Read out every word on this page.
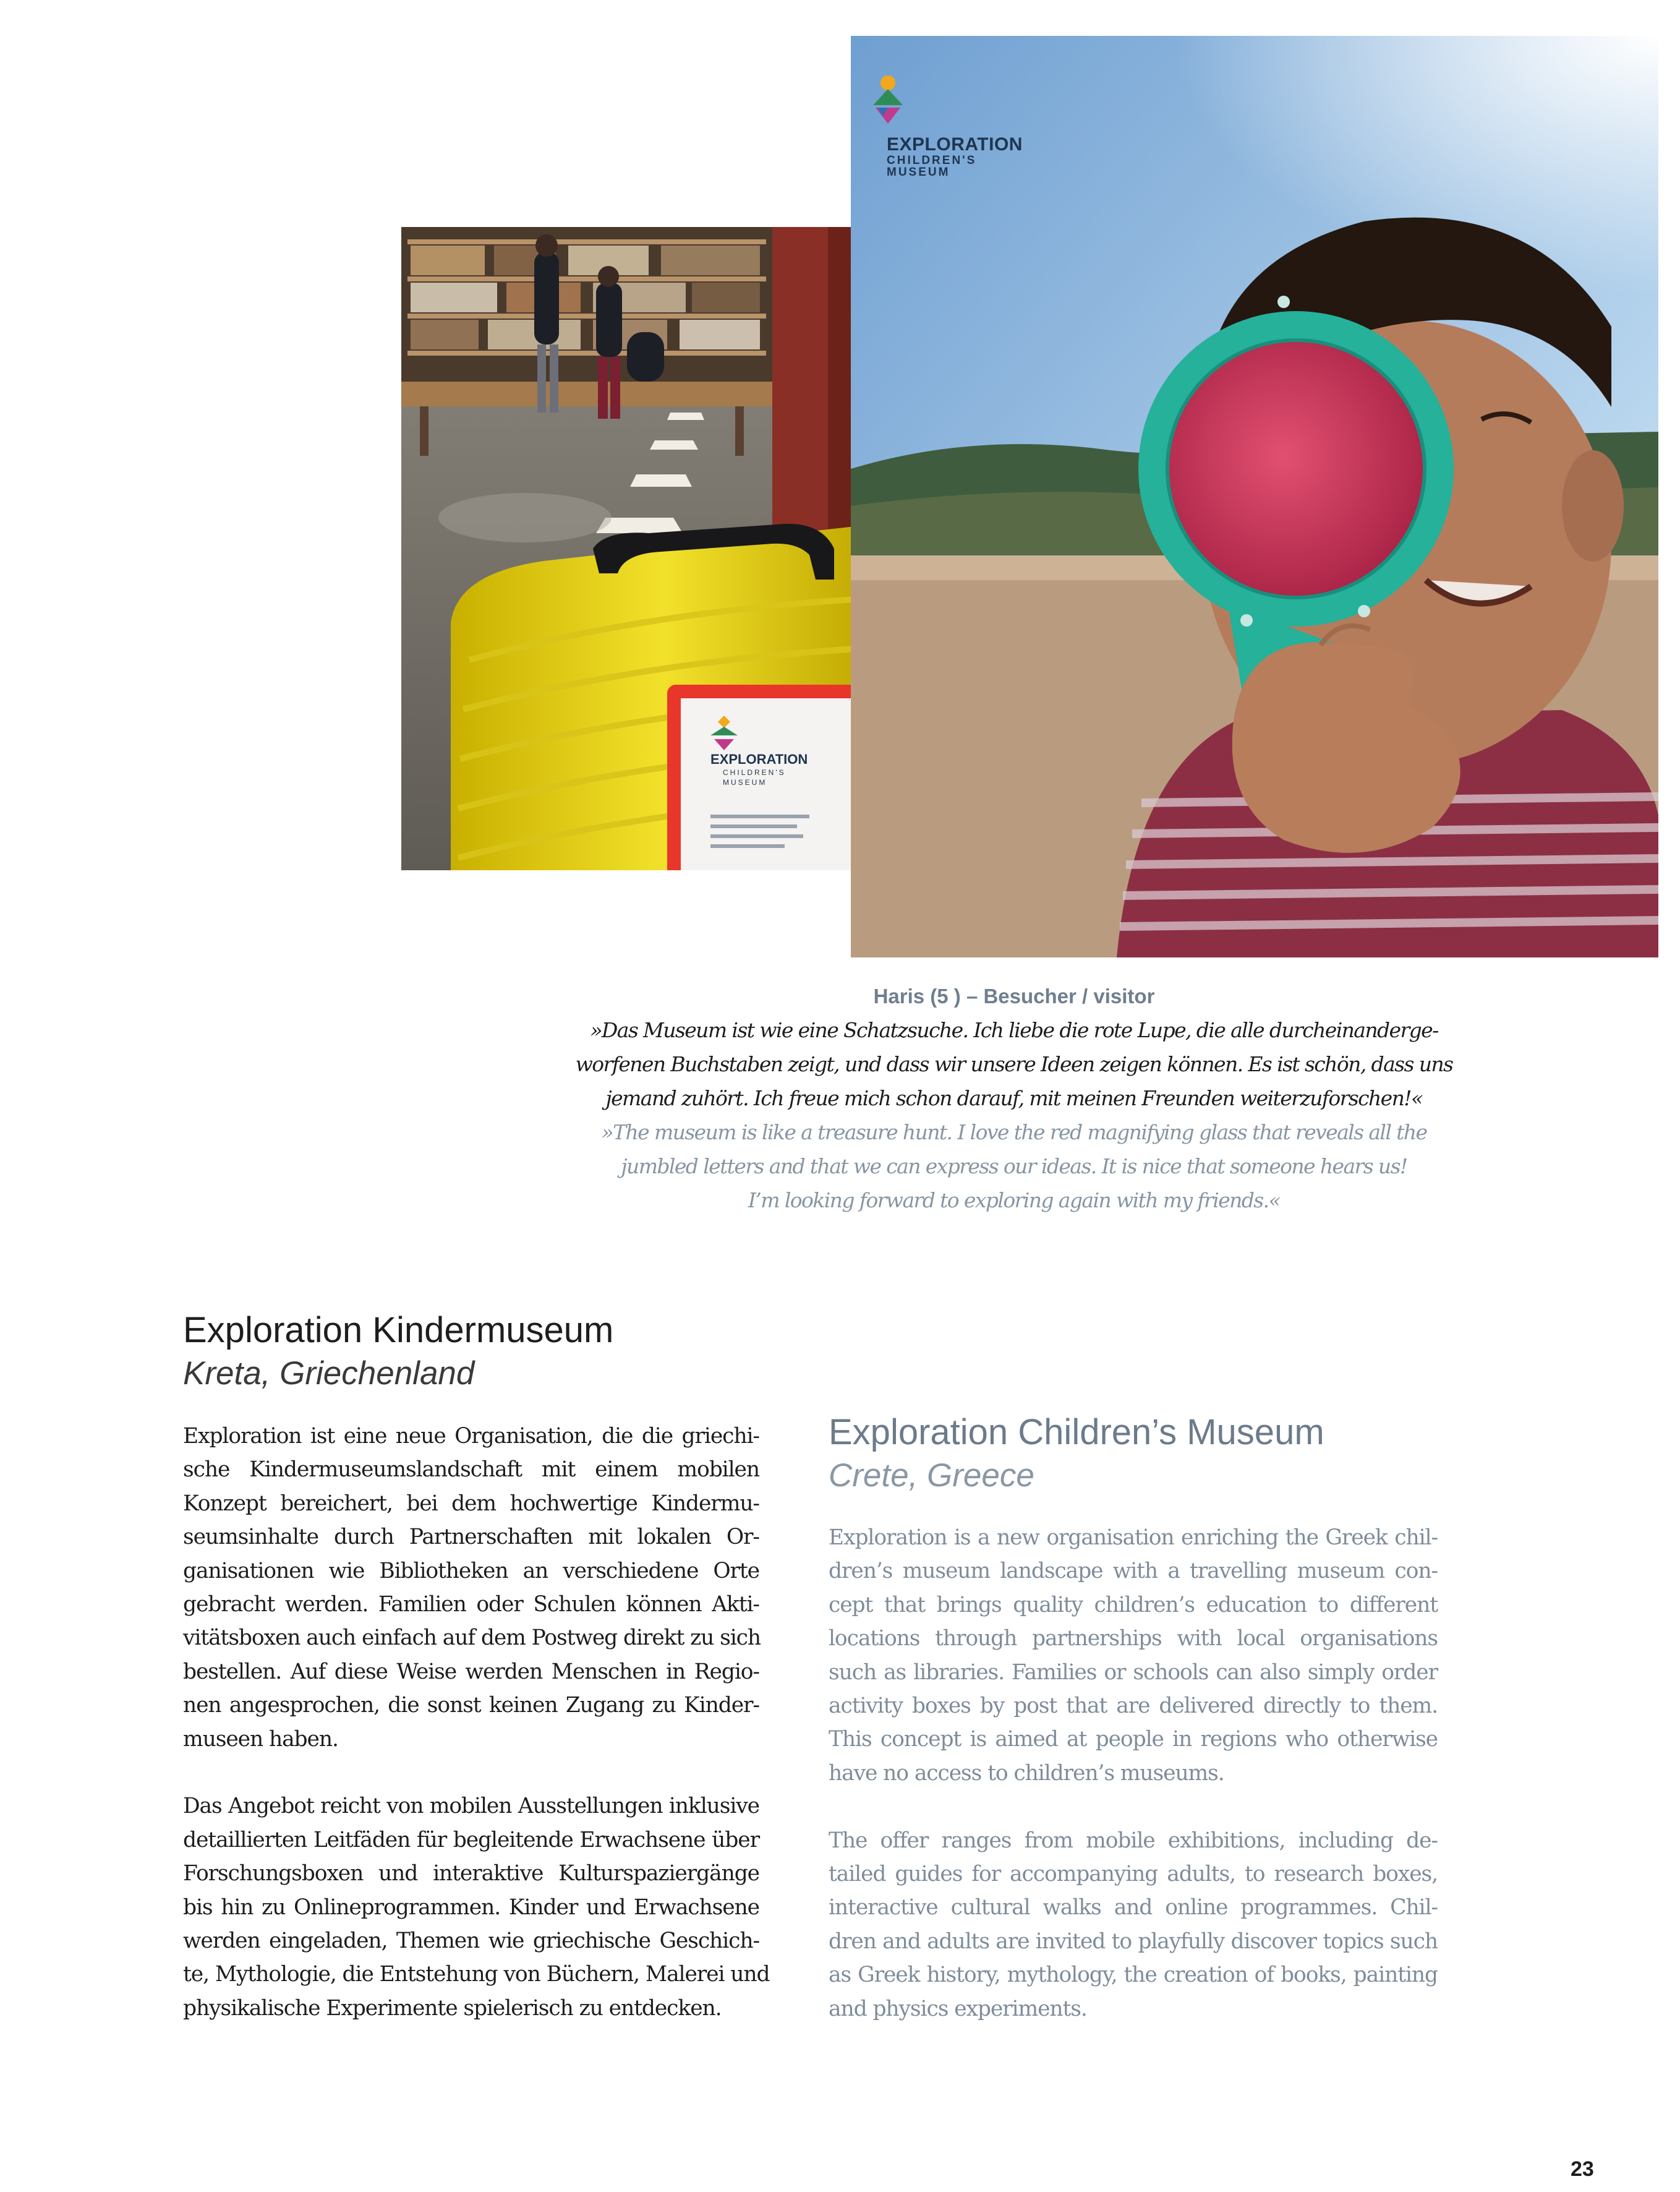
EXPLORATION
CHILDREN'S
MUSEUM
EXPLORATION
CHILDREN'S
MUSEUM
Haris (5 ) – Besucher / visitor
»Das Museum ist wie eine Schatzsuche. Ich liebe die rote Lupe, die alle durcheinanderge-
worfenen Buchstaben zeigt, und dass wir unsere Ideen zeigen können. Es ist schön, dass uns
jemand zuhört. Ich freue mich schon darauf, mit meinen Freunden weiterzuforschen!«
»The museum is like a treasure hunt. I love the red magnifying glass that reveals all the
jumbled letters and that we can express our ideas. It is nice that someone hears us!
I’m looking forward to exploring again with my friends.«
Exploration Kindermuseum
Kreta, Griechenland
Exploration ist eine neue Organisation, die die griechi-
sche Kindermuseumslandschaft mit einem mobilen
Konzept bereichert, bei dem hochwertige Kindermu-
seumsinhalte durch Partnerschaften mit lokalen Or-
ganisationen wie Bibliotheken an verschiedene Orte
gebracht werden. Familien oder Schulen können Akti-
vitätsboxen auch einfach auf dem Postweg direkt zu sich
bestellen. Auf diese Weise werden Menschen in Regio-
nen angesprochen, die sonst keinen Zugang zu Kinder-
museen haben.
Das Angebot reicht von mobilen Ausstellungen inklusive
detaillierten Leitfäden für begleitende Erwachsene über
Forschungsboxen und interaktive Kulturspaziergänge
bis hin zu Onlineprogrammen. Kinder und Erwachsene
werden eingeladen, Themen wie griechische Geschich-
te, Mythologie, die Entstehung von Büchern, Malerei und
physikalische Experimente spielerisch zu entdecken.
Exploration Children’s Museum
Crete, Greece
Exploration is a new organisation enriching the Greek chil-
dren’s museum landscape with a travelling museum con-
cept that brings quality children’s education to different
locations through partnerships with local organisations
such as libraries. Families or schools can also simply order
activity boxes by post that are delivered directly to them.
This concept is aimed at people in regions who otherwise
have no access to children’s museums.
The offer ranges from mobile exhibitions, including de-
tailed guides for accompanying adults, to research boxes,
interactive cultural walks and online programmes. Chil-
dren and adults are invited to playfully discover topics such
as Greek history, mythology, the creation of books, painting
and physics experiments.
23
